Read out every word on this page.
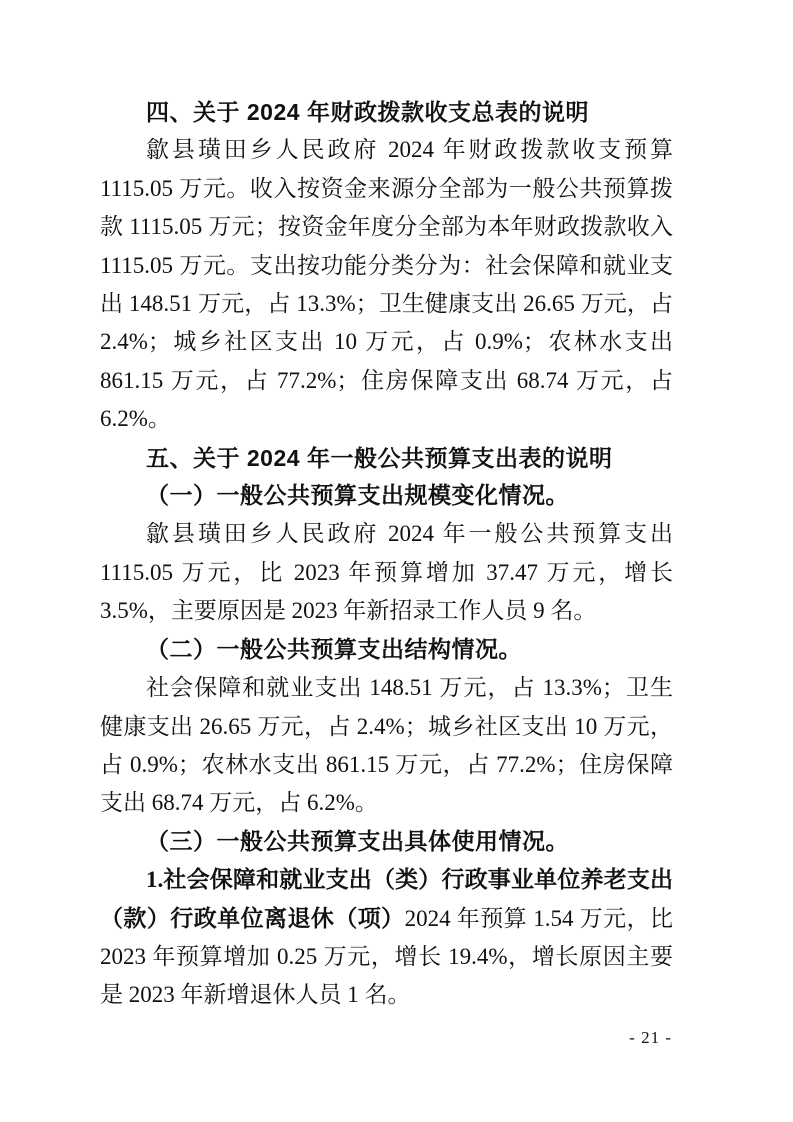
四、关于 2024 年财政拨款收支总表的说明

歙县璜田乡人民政府 2024 年财政拨款收支预算 1115.05 万元。收入按资金来源分全部为一般公共预算拨款 1115.05 万元；按资金年度分全部为本年财政拨款收入 1115.05 万元。支出按功能分类分为：社会保障和就业支出 148.51 万元，占 13.3%；卫生健康支出 26.65 万元，占 2.4%；城乡社区支出 10 万元，占 0.9%；农林水支出 861.15 万元，占 77.2%；住房保障支出 68.74 万元，占 6.2%。

五、关于 2024 年一般公共预算支出表的说明

（一）一般公共预算支出规模变化情况。

歙县璜田乡人民政府 2024 年一般公共预算支出 1115.05 万元，比 2023 年预算增加 37.47 万元，增长 3.5%，主要原因是 2023 年新招录工作人员 9 名。

（二）一般公共预算支出结构情况。

社会保障和就业支出 148.51 万元，占 13.3%；卫生健康支出 26.65 万元，占 2.4%；城乡社区支出 10 万元，占 0.9%；农林水支出 861.15 万元，占 77.2%；住房保障支出 68.74 万元，占 6.2%。

（三）一般公共预算支出具体使用情况。

1.社会保障和就业支出（类）行政事业单位养老支出（款）行政单位离退休（项）2024 年预算 1.54 万元，比 2023 年预算增加 0.25 万元，增长 19.4%，增长原因主要是 2023 年新增退休人员 1 名。

- 21 -
